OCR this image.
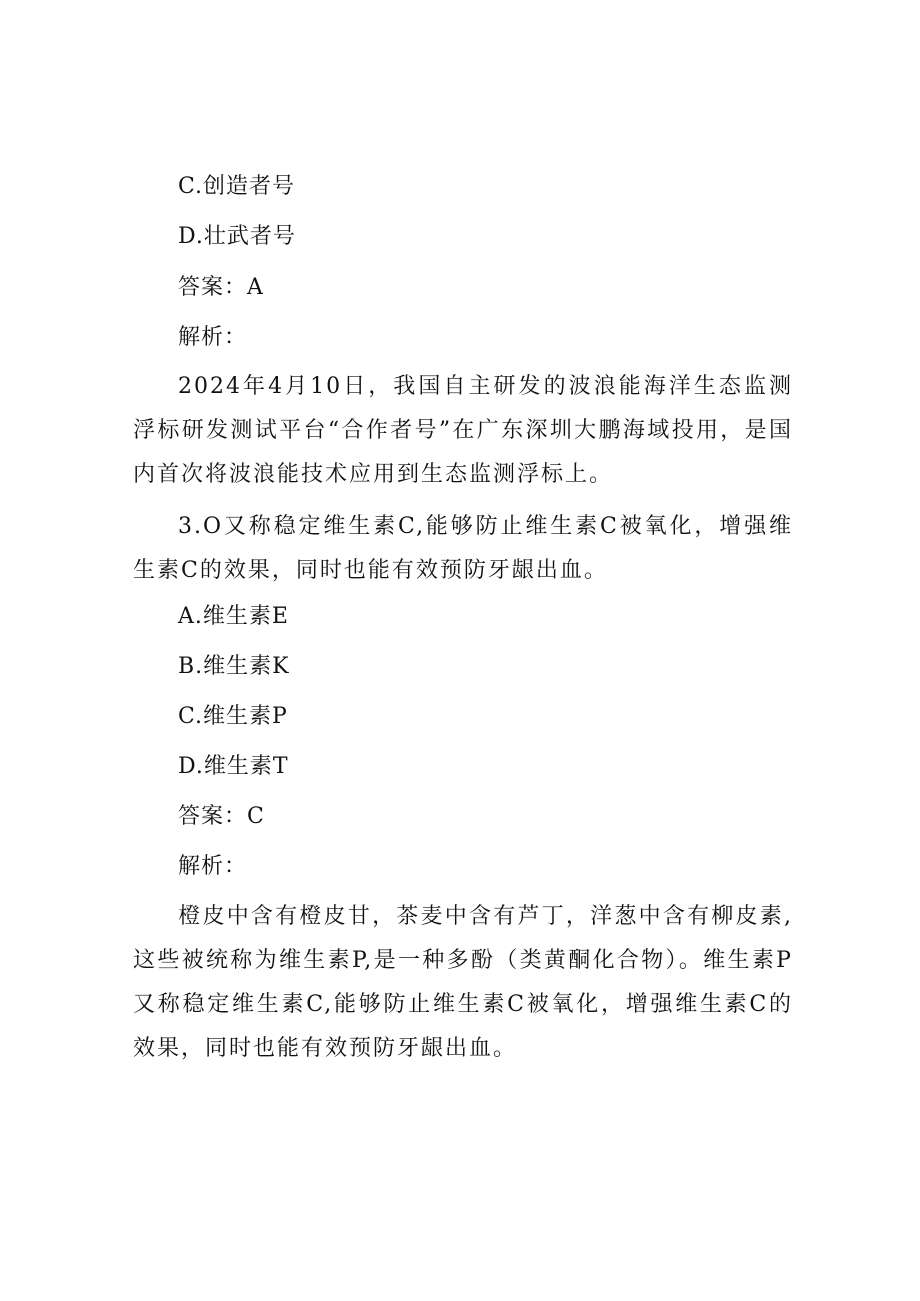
C.创造者号
D.壮武者号
答案：A
解析：
2024年4月10日，我国自主研发的波浪能海洋生态监测浮标研发测试平台“合作者号”在广东深圳大鹏海域投用，是国内首次将波浪能技术应用到生态监测浮标上。
3.O又称稳定维生素C,能够防止维生素C被氧化，增强维生素C的效果，同时也能有效预防牙龈出血。
A.维生素E
B.维生素K
C.维生素P
D.维生素T
答案：C
解析：
橙皮中含有橙皮甘，茶麦中含有芦丁，洋葱中含有柳皮素,这些被统称为维生素P,是一种多酚（类黄酮化合物）。维生素P又称稳定维生素C,能够防止维生素C被氧化，增强维生素C的效果，同时也能有效预防牙龈出血。
